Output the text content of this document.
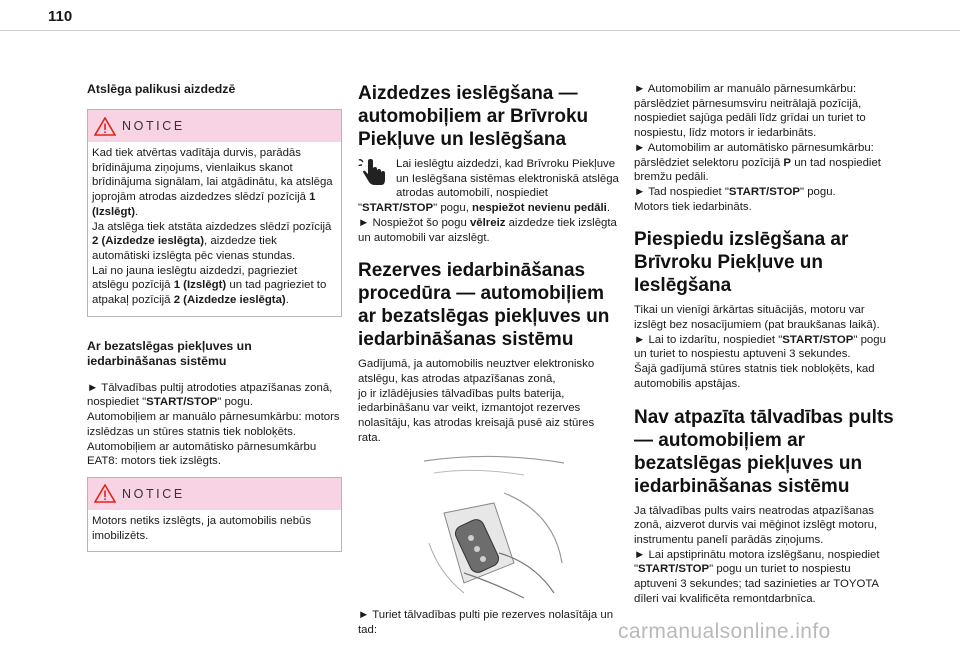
110
Atslēga palikusi aizdedzē
NOTICE

Kad tiek atvērtas vadītāja durvis, parādās brīdinājuma ziņojums, vienlaikus skanot brīdinājuma signālam, lai atgādinātu, ka atslēga joprojām atrodas aizdedzes slēdzī pozīcijā 1 (Izslēgt).

Ja atslēga tiek atstāta aizdedzes slēdzī pozīcijā 2 (Aizdedze ieslēgta), aizdedze tiek automātiski izslēgta pēc vienas stundas.

Lai no jauna ieslēgtu aizdedzi, pagrieziet atslēgu pozīcijā 1 (Izslēgt) un tad pagrieziet to atpakaļ pozīcijā 2 (Aizdedze ieslēgta).

Ar bezatslēgas piekļuves un iedarbināšanas sistēmu

► Tālvadības pultij atrodoties atpazīšanas zonā, nospiediet "START/STOP" pogu.

Automobiļiem ar manuālo pārnesumkārbu: motors izslēdzas un stūres statnis tiek nobloķēts.

Automobiļiem ar automātisko pārnesumkārbu EAT8: motors tiek izslēgts.

NOTICE

Motors netiks izslēgts, ja automobilis nebūs imobilizēts.

Aizdedzes ieslēgšana — automobiļiem ar Brīvroku Piekļuve un Ieslēgšana

Lai ieslēgtu aizdedzi, kad Brīvroku Piekļuve un Ieslēgšana sistēmas elektroniskā atslēga atrodas automobilī, nospiediet "START/STOP" pogu, nespiežot nevienu pedāli.

► Nospiežot šo pogu vēlreiz aizdedze tiek izslēgta un automobili var aizslēgt.

Rezerves iedarbināšanas procedūra — automobiļiem ar bezatslēgas piekļuves un iedarbināšanas sistēmu

Gadījumā, ja automobilis neuztver elektronisko atslēgu, kas atrodas atpazīšanas zonā,

jo ir izlādējusies tālvadības pults baterija, iedarbināšanu var veikt, izmantojot rezerves nolasītāju, kas atrodas kreisajā pusē aiz stūres rata.

► Turiet tālvadības pulti pie rezerves nolasītāja un tad:

► Automobilim ar manuālo pārnesumkārbu: pārslēdziet pārnesumsviru neitrālajā pozīcijā, nospiediet sajūga pedāli līdz grīdai un turiet to nospiestu, līdz motors ir iedarbināts.

► Automobilim ar automātisko pārnesumkārbu: pārslēdziet selektoru pozīcijā P un tad nospiediet bremžu pedāli.

► Tad nospiediet "START/STOP" pogu.

Motors tiek iedarbināts.

Piespiedu izslēgšana ar Brīvroku Piekļuve un Ieslēgšana

Tikai un vienīgi ārkārtas situācijās, motoru var izslēgt bez nosacījumiem (pat braukšanas laikā).

► Lai to izdarītu, nospiediet "START/STOP" pogu un turiet to nospiestu aptuveni 3 sekundes.

Šajā gadījumā stūres statnis tiek nobloķēts, kad automobilis apstājas.

Nav atpazīta tālvadības pults — automobiļiem ar bezatslēgas piekļuves un iedarbināšanas sistēmu

Ja tālvadības pults vairs neatrodas atpazīšanas zonā, aizverot durvis vai mēģinot izslēgt motoru, instrumentu panelī parādās ziņojums.

► Lai apstiprinātu motora izslēgšanu, nospiediet "START/STOP" pogu un turiet to nospiestu aptuveni 3 sekundes; tad sazinieties ar TOYOTA dīleri vai kvalificēta remontdarbnīca.

carmanualsonline.info
